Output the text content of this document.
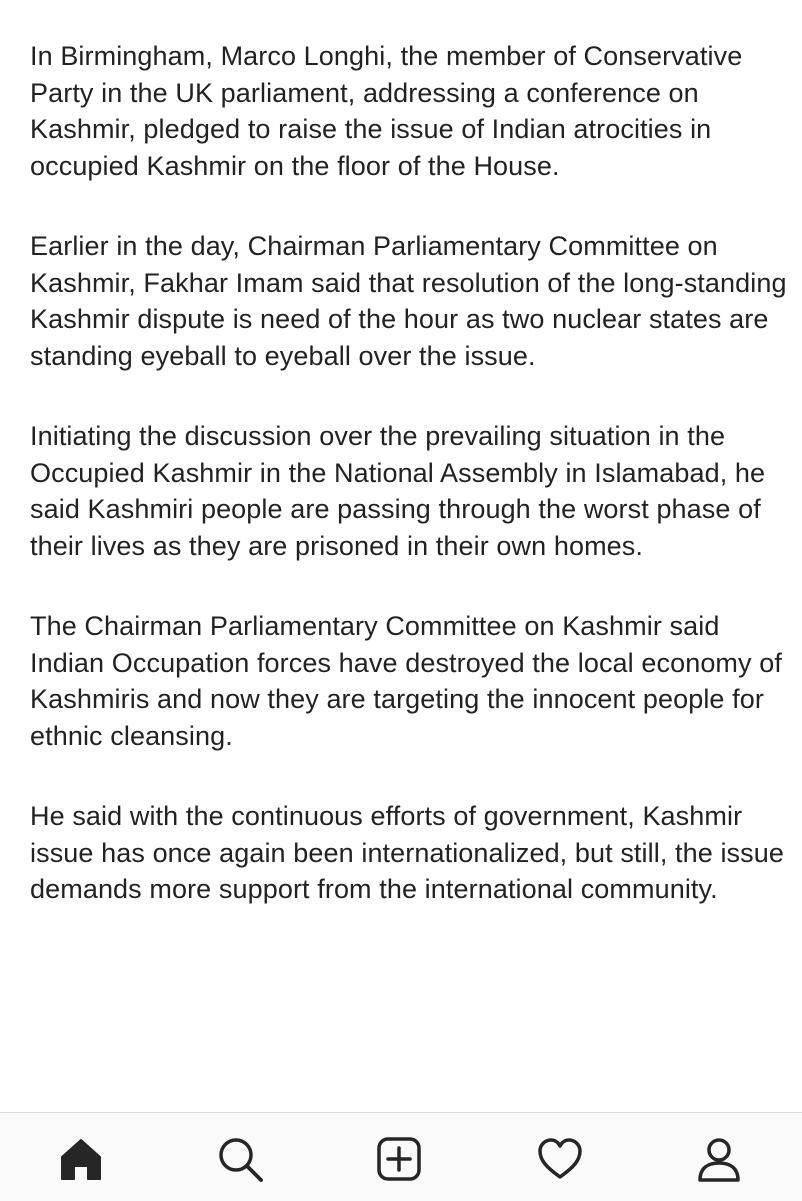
In Birmingham, Marco Longhi, the member of Conservative Party in the UK parliament, addressing a conference on Kashmir, pledged to raise the issue of Indian atrocities in occupied Kashmir on the floor of the House.

Earlier in the day, Chairman Parliamentary Committee on Kashmir, Fakhar Imam said that resolution of the long-standing Kashmir dispute is need of the hour as two nuclear states are standing eyeball to eyeball over the issue.

Initiating the discussion over the prevailing situation in the Occupied Kashmir in the National Assembly in Islamabad, he said Kashmiri people are passing through the worst phase of their lives as they are prisoned in their own homes.

The Chairman Parliamentary Committee on Kashmir said Indian Occupation forces have destroyed the local economy of Kashmiris and now they are targeting the innocent people for ethnic cleansing.

He said with the continuous efforts of government, Kashmir issue has once again been internationalized, but still, the issue demands more support from the international community.
